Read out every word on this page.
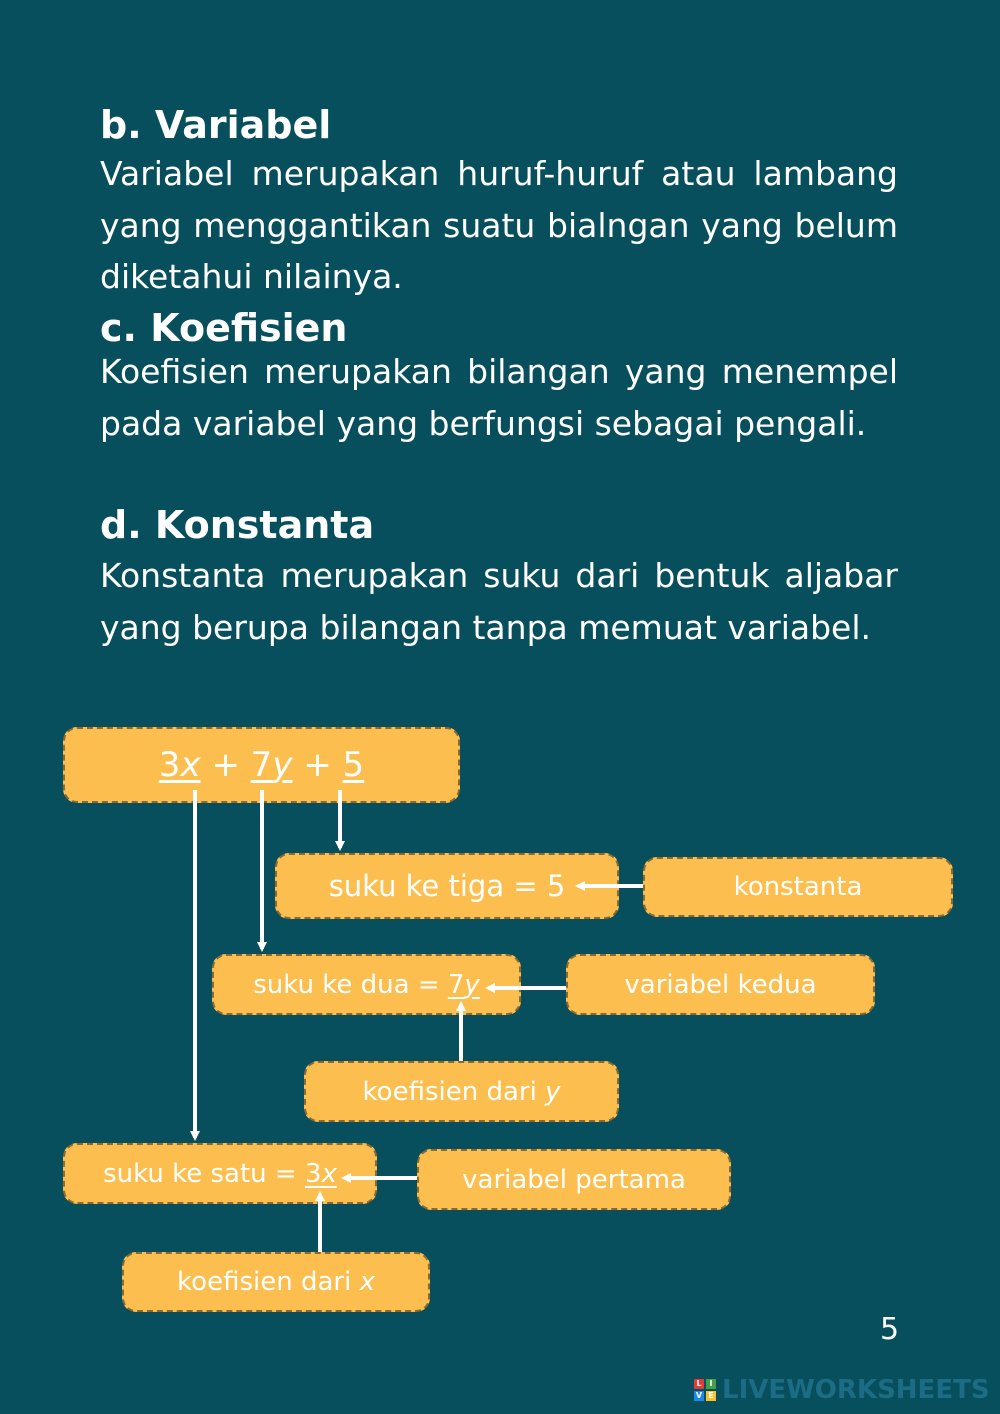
b. Variabel

Variabel merupakan huruf-huruf atau lambang yang menggantikan suatu bialngan yang belum diketahui nilainya.

c. Koefisien

Koefisien merupakan bilangan yang menempel pada variabel yang berfungsi sebagai pengali.

d. Konstanta

Konstanta merupakan suku dari bentuk aljabar yang berupa bilangan tanpa memuat variabel.

3x + 7y + 5
suku ke tiga = 5	konstanta
suku ke dua = 7y	variabel kedua
koefisien dari y
suku ke satu = 3x	variabel pertama
koefisien dari x
5
L I
V E LIVEWORKSHEETS
